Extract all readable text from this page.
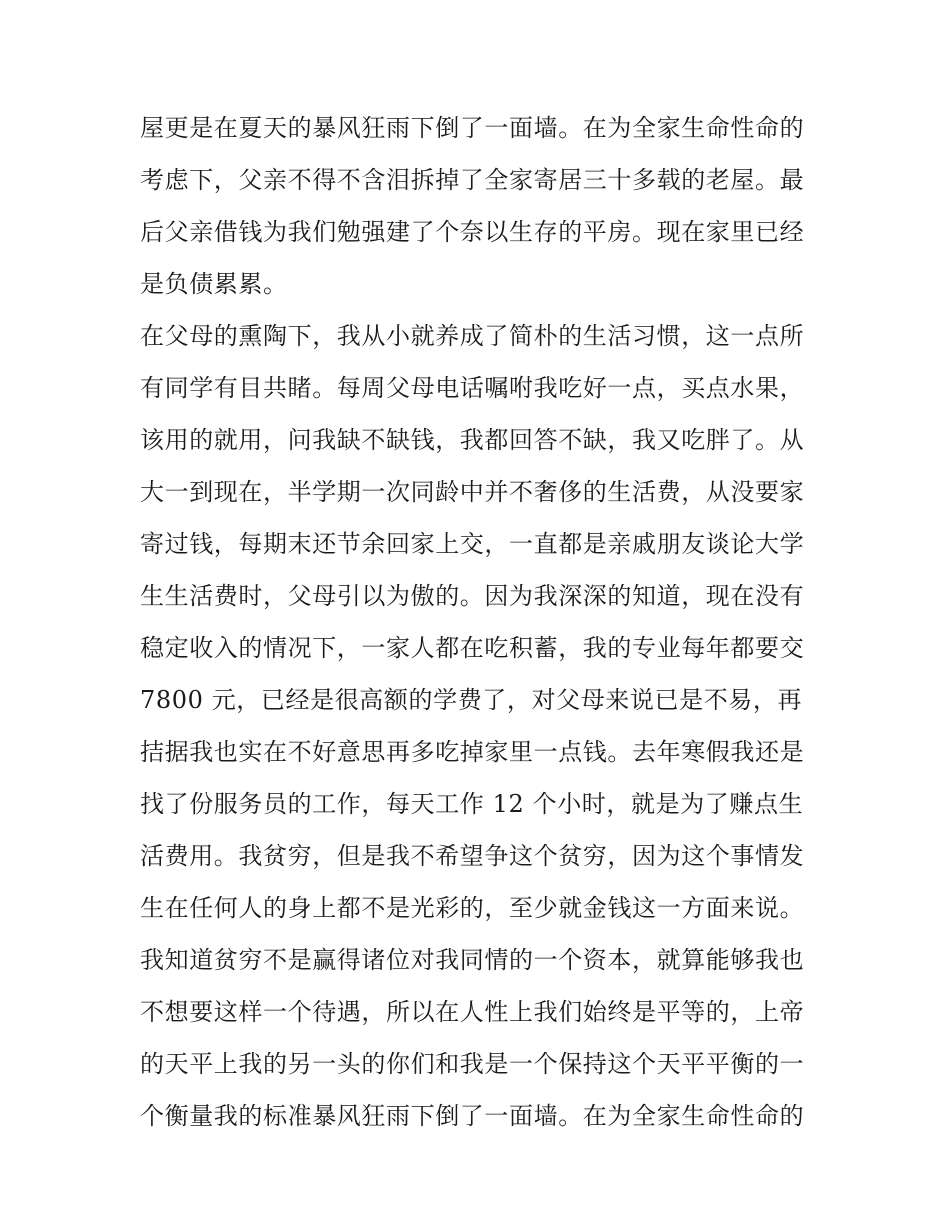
屋更是在夏天的暴风狂雨下倒了一面墙。在为全家生命性命的

考虑下，父亲不得不含泪拆掉了全家寄居三十多载的老屋。最

后父亲借钱为我们勉强建了个奈以生存的平房。现在家里已经

是负债累累。

在父母的熏陶下，我从小就养成了简朴的生活习惯，这一点所

有同学有目共睹。每周父母电话嘱咐我吃好一点，买点水果，

该用的就用，问我缺不缺钱，我都回答不缺，我又吃胖了。从

大一到现在，半学期一次同龄中并不奢侈的生活费，从没要家

寄过钱，每期末还节余回家上交，一直都是亲戚朋友谈论大学

生生活费时，父母引以为傲的。因为我深深的知道，现在没有

稳定收入的情况下，一家人都在吃积蓄，我的专业每年都要交

7800 元，已经是很高额的学费了，对父母来说已是不易，再

拮据我也实在不好意思再多吃掉家里一点钱。去年寒假我还是

找了份服务员的工作，每天工作 12 个小时，就是为了赚点生

活费用。我贫穷，但是我不希望争这个贫穷，因为这个事情发

生在任何人的身上都不是光彩的，至少就金钱这一方面来说。

我知道贫穷不是赢得诸位对我同情的一个资本，就算能够我也

不想要这样一个待遇，所以在人性上我们始终是平等的，上帝

的天平上我的另一头的你们和我是一个保持这个天平平衡的一

个衡量我的标准暴风狂雨下倒了一面墙。在为全家生命性命的
